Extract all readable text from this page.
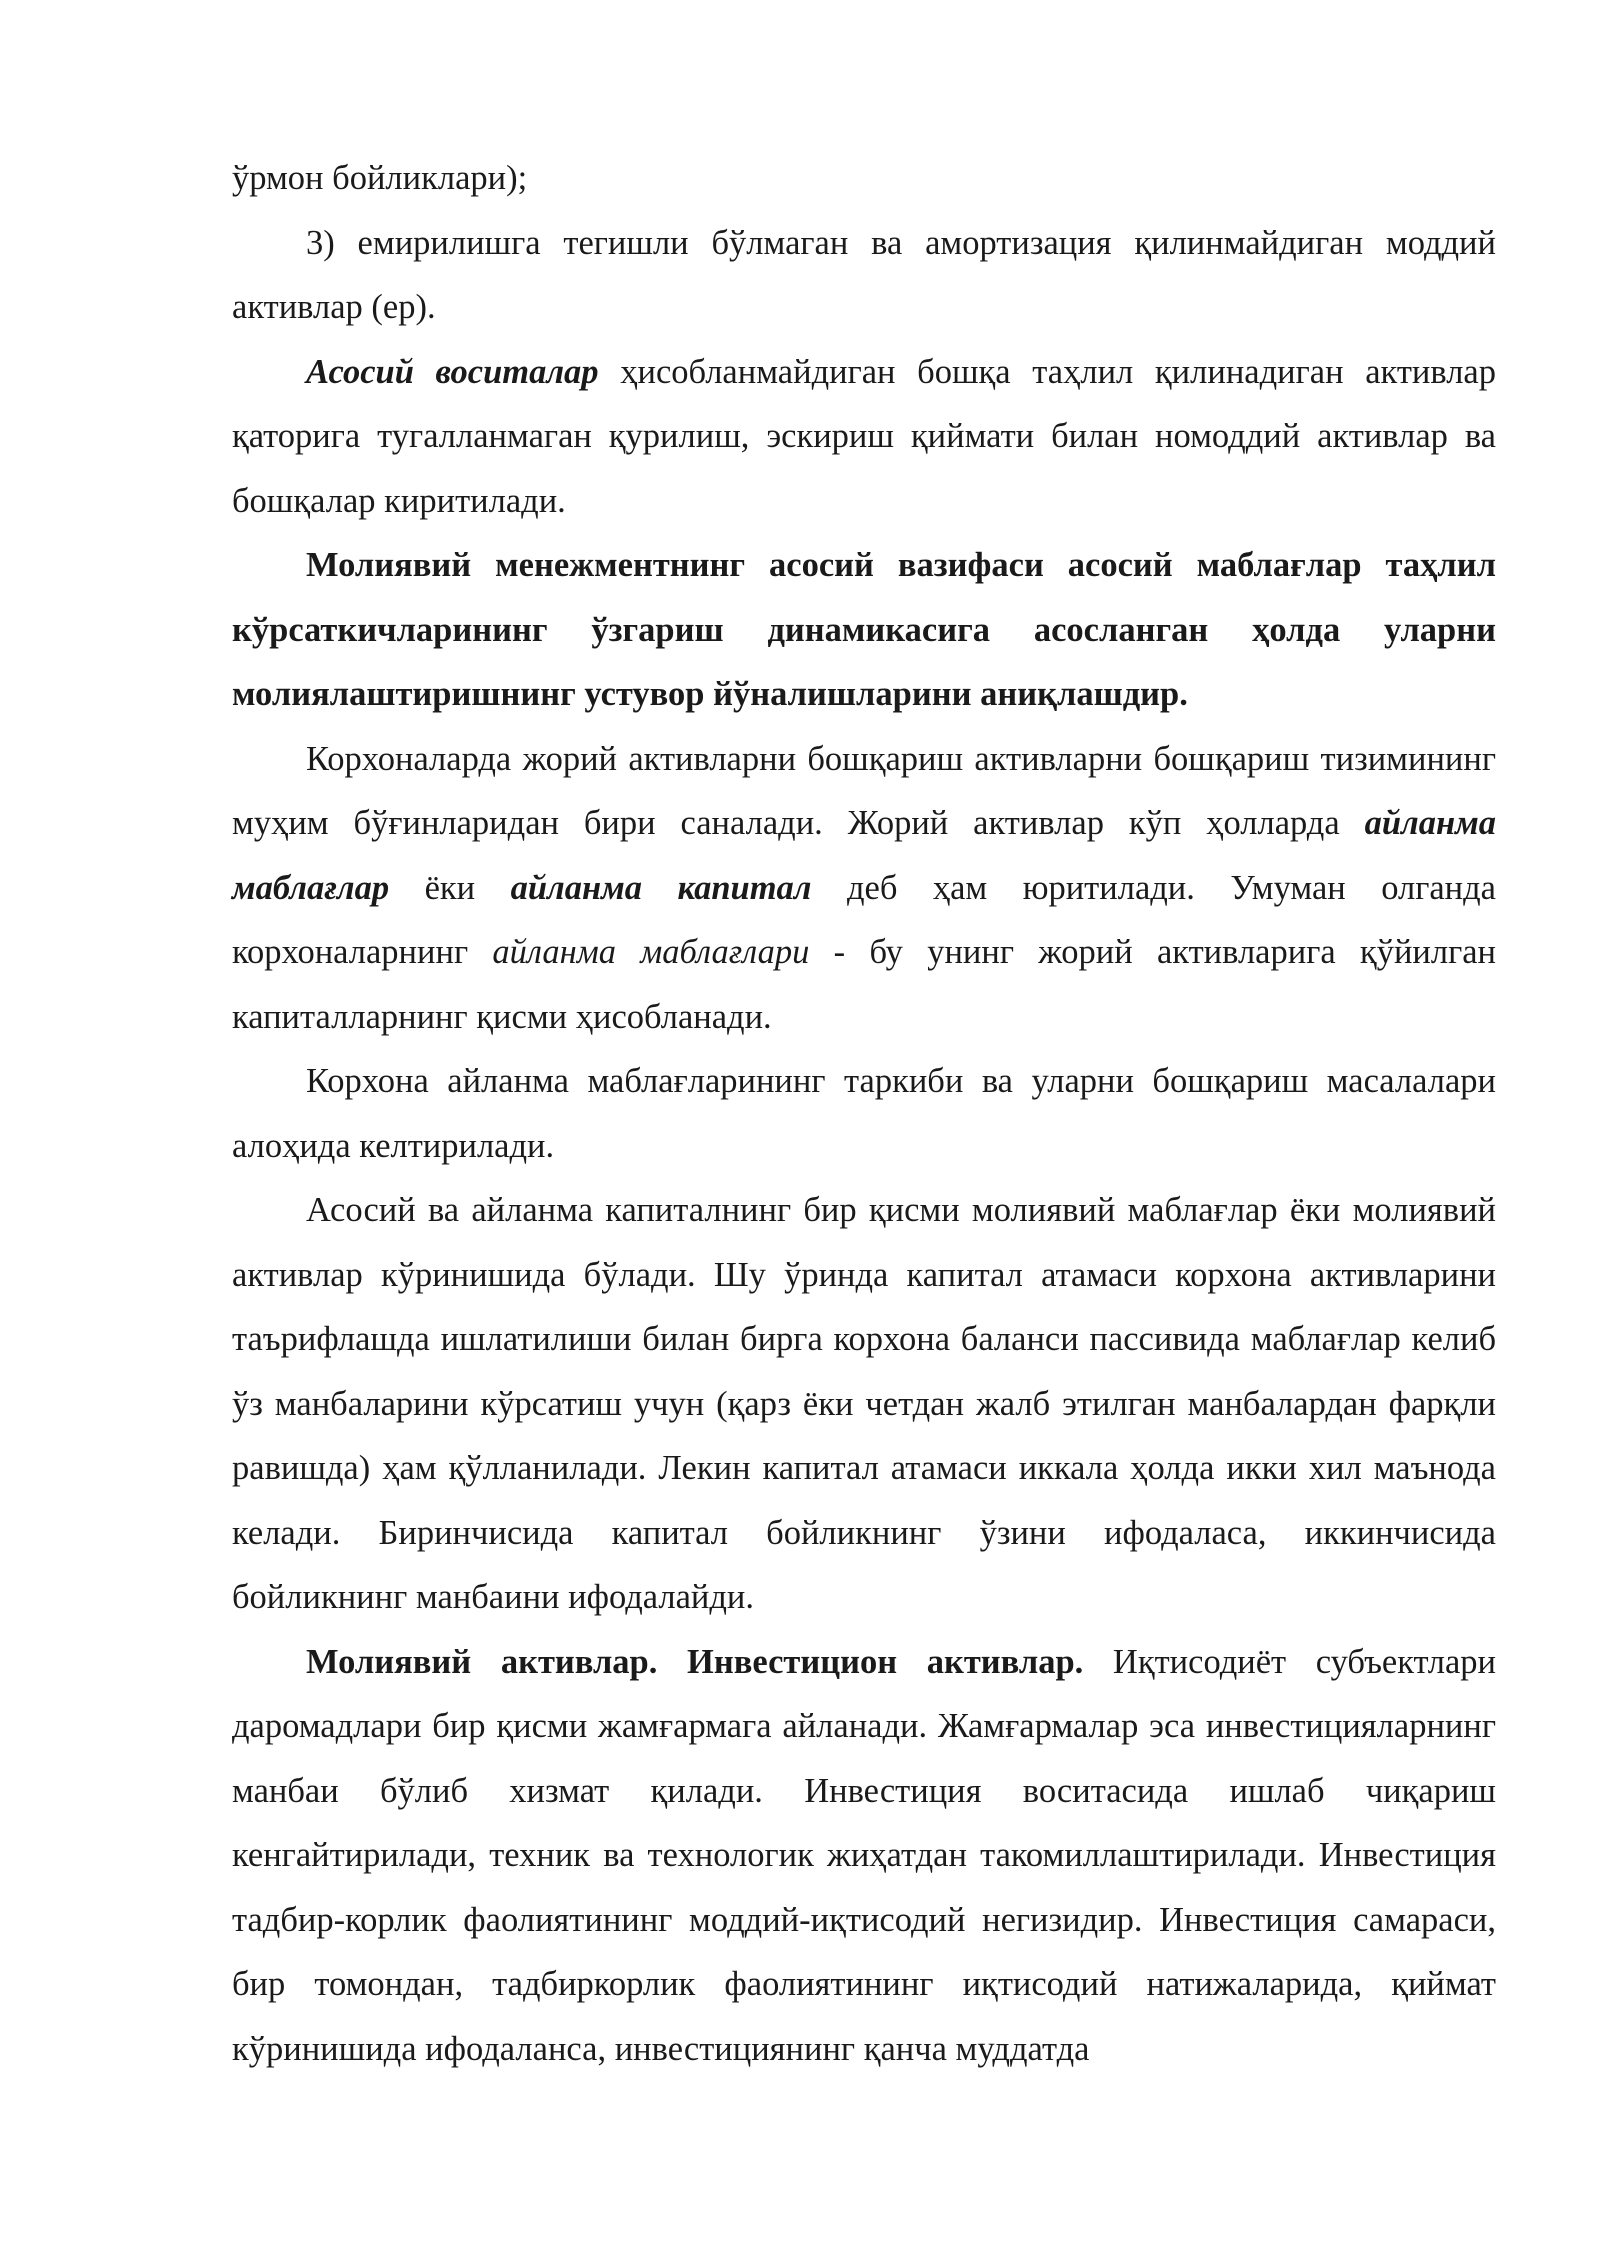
ўрмон бойликлари);

3) емирилишга тегишли бўлмаган ва амортизация қилинмайдиган моддий активлар (ер).

Асосий воситалар ҳисобланмайдиган бошқа таҳлил қилинадиган активлар қаторига тугалланмаган қурилиш, эскириш қиймати билан номоддий активлар ва бошқалар киритилади.

Молиявий менежментнинг асосий вазифаси асосий маблағлар таҳлил кўрсаткичларининг ўзгариш динамикасига асосланган ҳолда уларни молиялаштиришнинг устувор йўналишларини аниқлашдир.

Корхоналарда жорий активларни бошқариш активларни бошқариш тизимининг муҳим бўғинларидан бири саналади. Жорий активлар кўп ҳолларда айланма маблағлар ёки айланма капитал деб ҳам юритилади. Умуман олганда корхоналарнинг айланма маблағлари - бу унинг жорий активларига қўйилган капиталларнинг қисми ҳисобланади.

Корхона айланма маблағларининг таркиби ва уларни бошқариш масалалари алоҳида келтирилади.

Асосий ва айланма капиталнинг бир қисми молиявий маблағлар ёки молиявий активлар кўринишида бўлади. Шу ўринда капитал атамаси корхона активларини таърифлашда ишлатилиши билан бирга корхона баланси пассивида маблағлар келиб ўз манбаларини кўрсатиш учун (қарз ёки четдан жалб этилган манбалардан фарқли равишда) ҳам қўлланилади. Лекин капитал атамаси иккала ҳолда икки хил маънода келади. Биринчисида капитал бойликнинг ўзини ифодаласа, иккинчисида бойликнинг манбаини ифодалайди.

Молиявий активлар. Инвестицион активлар. Иқтисодиёт субъектлари даромадлари бир қисми жамғармага айланади. Жамғармалар эса инвестицияларнинг манбаи бўлиб хизмат қилади. Инвестиция воситасида ишлаб чиқариш кенгайтирилади, техник ва технологик жиҳатдан такомиллаштирилади. Инвестиция тадбир-корлик фаолиятининг моддий-иқтисодий негизидир. Инвестиция самараси, бир томондан, тадбиркорлик фаолиятининг иқтисодий натижаларида, қиймат кўринишида ифодаланса, инвестициянинг қанча муддатда
